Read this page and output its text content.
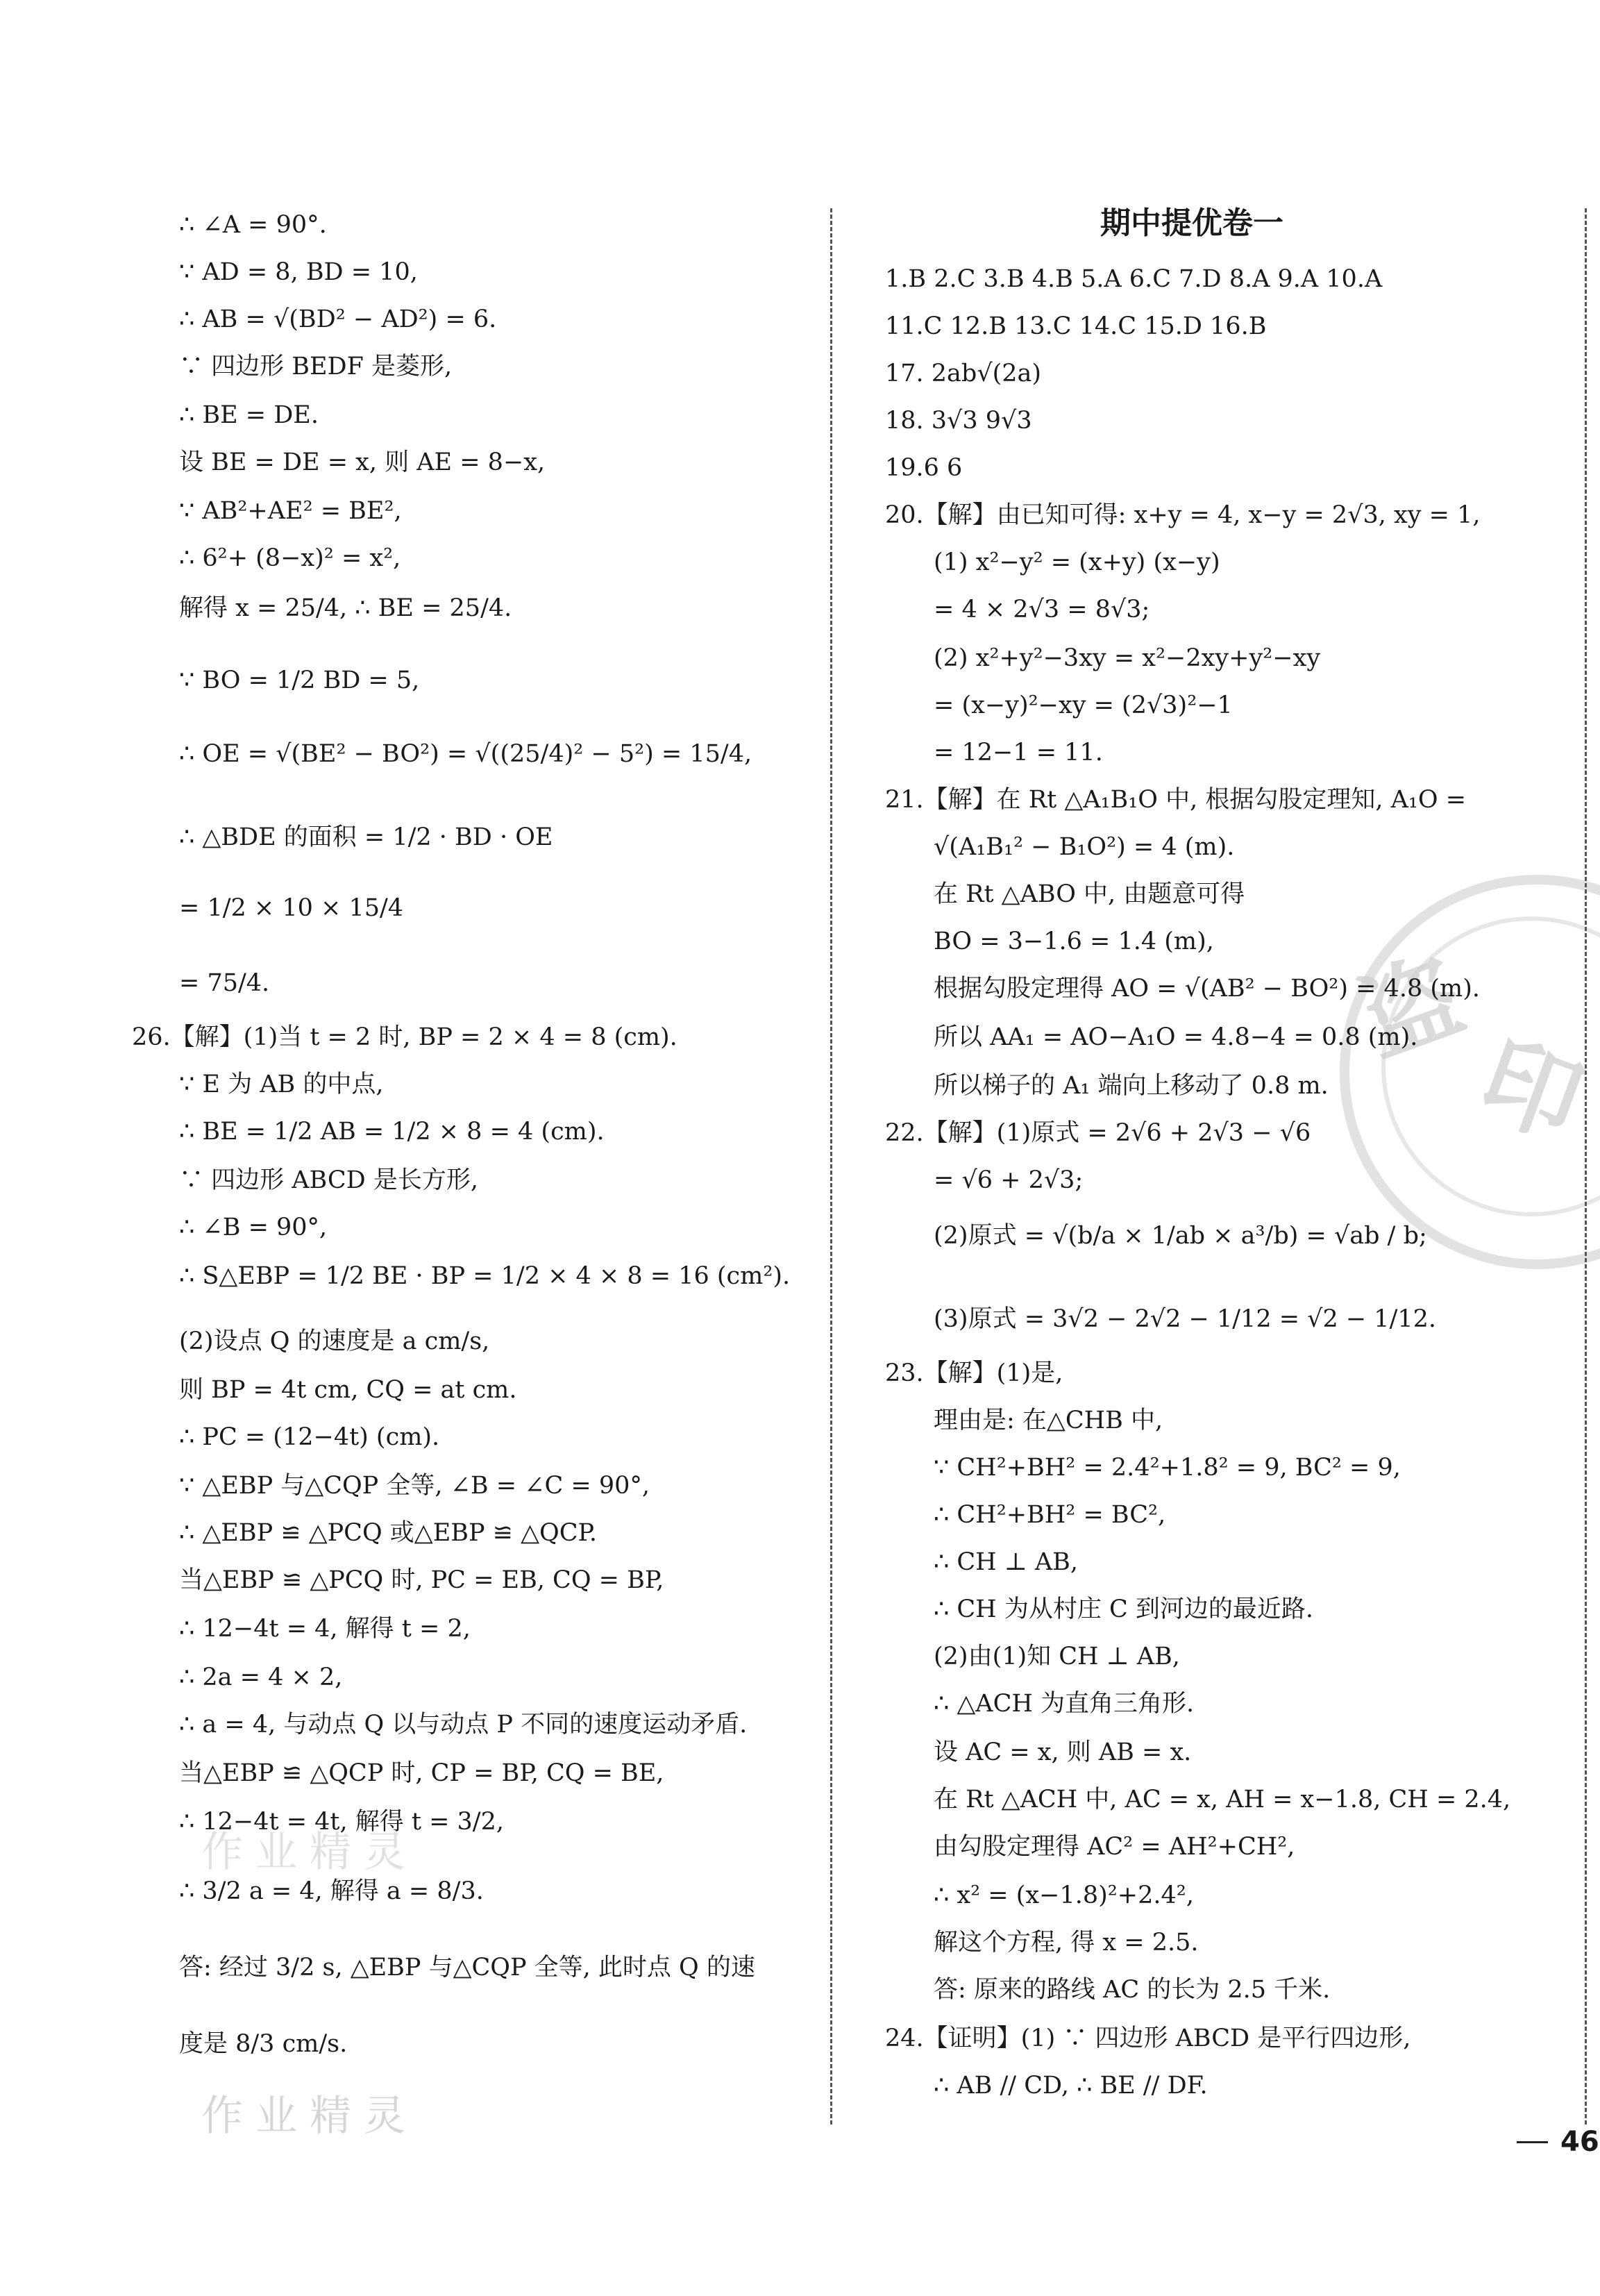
盗
印
作业精灵
作业精灵
期中提优卷一
∴ ∠A = 90°.
∵ AD = 8, BD = 10,
∴ AB = √(BD² − AD²) = 6.
∵ 四边形 BEDF 是菱形,
∴ BE = DE.
设 BE = DE = x, 则 AE = 8−x,
∵ AB²+AE² = BE²,
∴ 6²+ (8−x)² = x²,
解得 x = 25/4, ∴ BE = 25/4.
∵ BO = 1/2 BD = 5,
∴ OE = √(BE² − BO²) = √((25/4)² − 5²) = 15/4,
∴ △BDE 的面积 = 1/2 · BD · OE
= 1/2 × 10 × 15/4
= 75/4.
26.【解】(1)当 t = 2 时, BP = 2 × 4 = 8 (cm).
∵ E 为 AB 的中点,
∴ BE = 1/2 AB = 1/2 × 8 = 4 (cm).
∵ 四边形 ABCD 是长方形,
∴ ∠B = 90°,
∴ S△EBP = 1/2 BE · BP = 1/2 × 4 × 8 = 16 (cm²).
(2)设点 Q 的速度是 a cm/s,
则 BP = 4t cm, CQ = at cm.
∴ PC = (12−4t) (cm).
∵ △EBP 与△CQP 全等, ∠B = ∠C = 90°,
∴ △EBP ≌ △PCQ 或△EBP ≌ △QCP.
当△EBP ≌ △PCQ 时, PC = EB, CQ = BP,
∴ 12−4t = 4, 解得 t = 2,
∴ 2a = 4 × 2,
∴ a = 4, 与动点 Q 以与动点 P 不同的速度运动矛盾.
当△EBP ≌ △QCP 时, CP = BP, CQ = BE,
∴ 12−4t = 4t, 解得 t = 3/2,
∴ 3/2 a = 4, 解得 a = 8/3.
答: 经过 3/2 s, △EBP 与△CQP 全等, 此时点 Q 的速
度是 8/3 cm/s.
1.B 2.C 3.B 4.B 5.A 6.C 7.D 8.A 9.A 10.A
11.C 12.B 13.C 14.C 15.D 16.B
17. 2ab√(2a)
18. 3√3 9√3
19.6 6
20.【解】由已知可得: x+y = 4, x−y = 2√3, xy = 1,
(1) x²−y² = (x+y) (x−y)
= 4 × 2√3 = 8√3;
(2) x²+y²−3xy = x²−2xy+y²−xy
= (x−y)²−xy = (2√3)²−1
= 12−1 = 11.
21.【解】在 Rt △A₁B₁O 中, 根据勾股定理知, A₁O =
√(A₁B₁² − B₁O²) = 4 (m).
在 Rt △ABO 中, 由题意可得
BO = 3−1.6 = 1.4 (m),
根据勾股定理得 AO = √(AB² − BO²) = 4.8 (m).
所以 AA₁ = AO−A₁O = 4.8−4 = 0.8 (m).
所以梯子的 A₁ 端向上移动了 0.8 m.
22.【解】(1)原式 = 2√6 + 2√3 − √6
= √6 + 2√3;
(2)原式 = √(b/a × 1/ab × a³/b) = √ab / b;
(3)原式 = 3√2 − 2√2 − 1/12 = √2 − 1/12.
23.【解】(1)是,
理由是: 在△CHB 中,
∵ CH²+BH² = 2.4²+1.8² = 9, BC² = 9,
∴ CH²+BH² = BC²,
∴ CH ⊥ AB,
∴ CH 为从村庄 C 到河边的最近路.
(2)由(1)知 CH ⊥ AB,
∴ △ACH 为直角三角形.
设 AC = x, 则 AB = x.
在 Rt △ACH 中, AC = x, AH = x−1.8, CH = 2.4,
由勾股定理得 AC² = AH²+CH²,
∴ x² = (x−1.8)²+2.4²,
解这个方程, 得 x = 2.5.
答: 原来的路线 AC 的长为 2.5 千米.
24.【证明】(1) ∵ 四边形 ABCD 是平行四边形,
∴ AB // CD, ∴ BE // DF.
46
